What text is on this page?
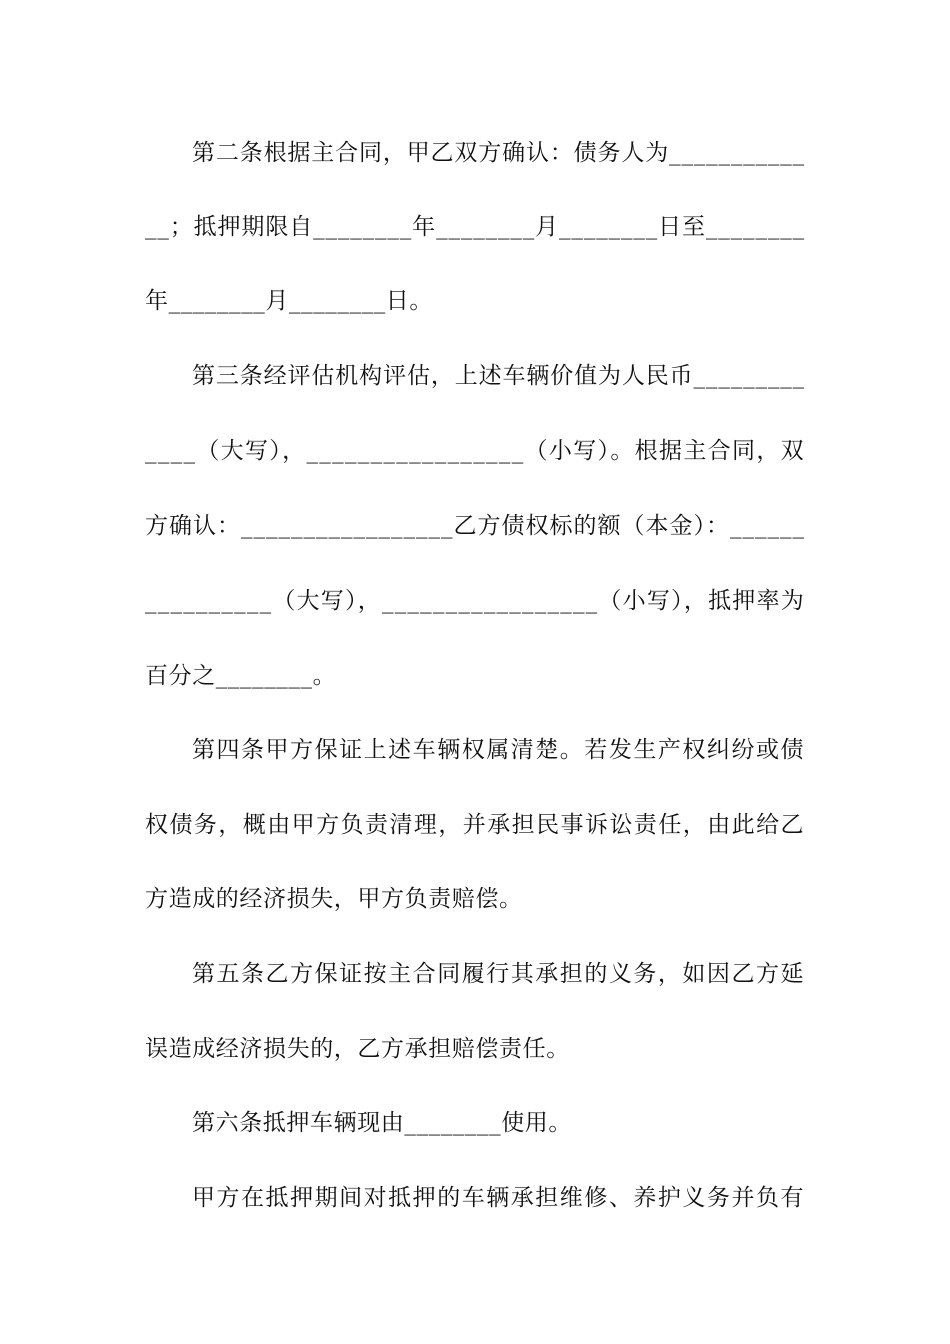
第二条根据主合同，甲乙双方确认：债务人为___________
__；抵押期限自________年________月________日至________
年________月________日。
第三条经评估机构评估，上述车辆价值为人民币_________
____（大写），_________________（小写）。根据主合同，双
方确认：_________________乙方债权标的额（本金）：______
__________（大写），_________________（小写），抵押率为
百分之________。
第四条甲方保证上述车辆权属清楚。若发生产权纠纷或债
权债务，概由甲方负责清理，并承担民事诉讼责任，由此给乙
方造成的经济损失，甲方负责赔偿。
第五条乙方保证按主合同履行其承担的义务，如因乙方延
误造成经济损失的，乙方承担赔偿责任。
第六条抵押车辆现由________使用。
甲方在抵押期间对抵押的车辆承担维修、养护义务并负有
